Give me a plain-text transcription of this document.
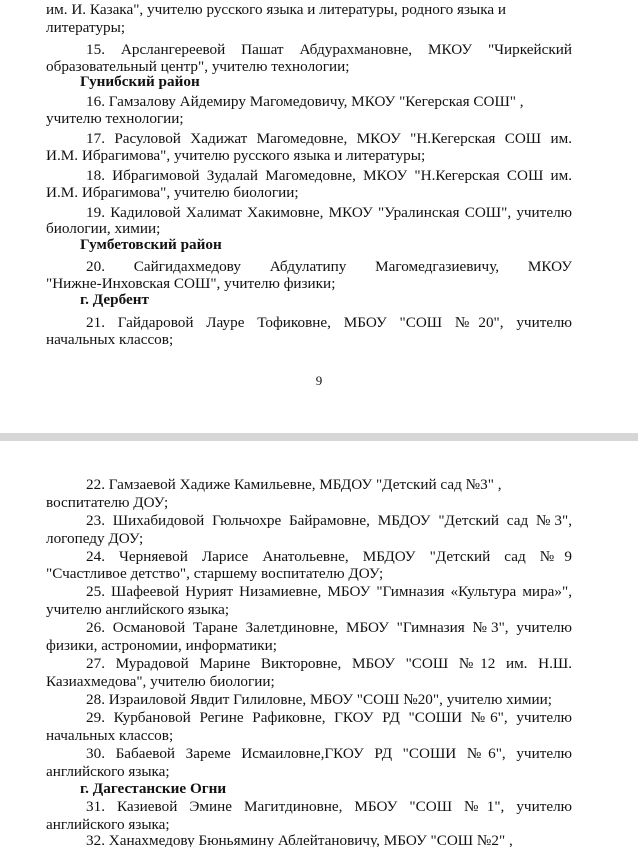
им. И. Казака", учителю русского языка и литературы, родного языка и
литературы;
15. Арслангереевой Пашат Абдурахмановне, МКОУ "Чиркейский
образовательный центр", учителю технологии;
Гунибский район
16. Гамзалову Айдемиру Магомедовичу, МКОУ "Кегерская СОШ" ,
учителю технологии;
17. Расуловой Хадижат Магомедовне, МКОУ "Н.Кегерская СОШ им.
И.М. Ибрагимова", учителю русского языка и литературы;
18. Ибрагимовой Зудалай Магомедовне, МКОУ "Н.Кегерская СОШ им.
И.М. Ибрагимова", учителю биологии;
19. Кадиловой Халимат Хакимовне, МКОУ "Уралинская СОШ", учителю
биологии, химии;
Гумбетовский район
20. Сайгидахмедову Абдулатипу Магомедгазиевичу, МКОУ
"Нижне-Инховская СОШ", учителю физики;
г. Дербент
21. Гайдаровой Лауре Тофиковне, МБОУ "СОШ №20", учителю
начальных классов;
9
22. Гамзаевой Хадиже Камильевне, МБДОУ "Детский сад №3" ,
воспитателю ДОУ;
23. Шихабидовой Гюльчохре Байрамовне, МБДОУ "Детский сад №3",
логопеду ДОУ;
24. Черняевой Ларисе Анатольевне, МБДОУ "Детский сад №9
"Счастливое детство", старшему воспитателю ДОУ;
25. Шафеевой Нурият Низамиевне, МБОУ "Гимназия «Культура мира»",
учителю английского языка;
26. Османовой Таране Залетдиновне, МБОУ "Гимназия №3", учителю
физики, астрономии, информатики;
27. Мурадовой Марине Викторовне, МБОУ "СОШ №12 им. Н.Ш.
Казиахмедова", учителю биологии;
28. Израиловой Явдит Гилиловне, МБОУ "СОШ №20", учителю химии;
29. Курбановой Регине Рафиковне, ГКОУ РД "СОШИ №6", учителю
начальных классов;
30. Бабаевой Зареме Исмаиловне,ГКОУ РД "СОШИ №6", учителю
английского языка;
г. Дагестанские Огни
31. Казиевой Эмине Магитдиновне, МБОУ "СОШ №1", учителю
английского языка;
32. Ханахмедову Бюньямину Аблейтановичу, МБОУ "СОШ №2" ,
